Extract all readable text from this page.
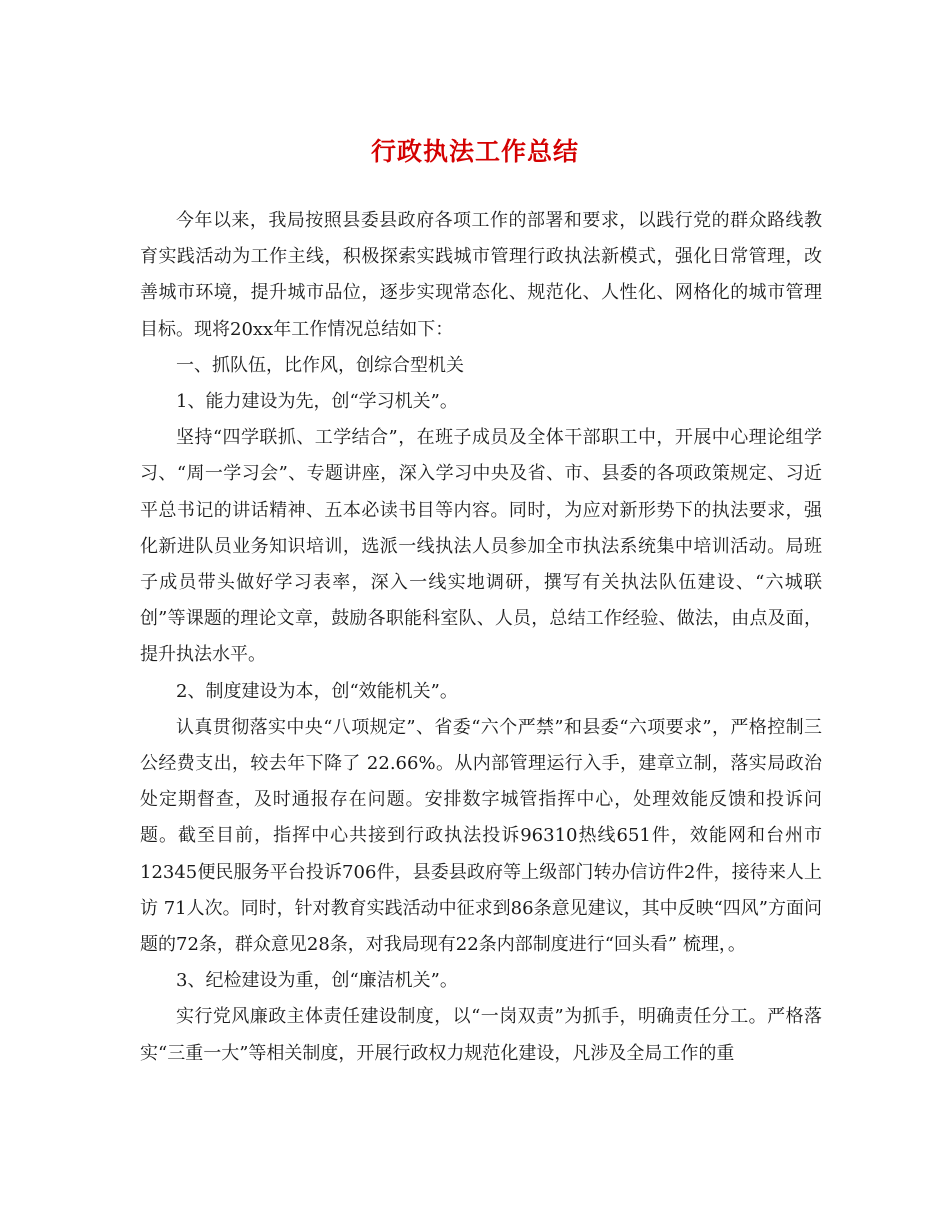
行政执法工作总结

今年以来，我局按照县委县政府各项工作的部署和要求，以践行党的群众路线教育实践活动为工作主线，积极探索实践城市管理行政执法新模式，强化日常管理，改善城市环境，提升城市品位，逐步实现常态化、规范化、人性化、网格化的城市管理目标。现将20xx年工作情况总结如下：

一、抓队伍，比作风，创综合型机关

1、能力建设为先，创“学习机关”。

坚持“四学联抓、工学结合”，在班子成员及全体干部职工中，开展中心理论组学习、“周一学习会”、专题讲座，深入学习中央及省、市、县委的各项政策规定、习近平总书记的讲话精神、五本必读书目等内容。同时，为应对新形势下的执法要求，强化新进队员业务知识培训，选派一线执法人员参加全市执法系统集中培训活动。局班子成员带头做好学习表率，深入一线实地调研，撰写有关执法队伍建设、“六城联创”等课题的理论文章，鼓励各职能科室队、人员，总结工作经验、做法，由点及面，提升执法水平。

2、制度建设为本，创“效能机关”。

认真贯彻落实中央“八项规定”、省委“六个严禁”和县委“六项要求”，严格控制三公经费支出，较去年下降了 22.66%。从内部管理运行入手，建章立制，落实局政治处定期督查，及时通报存在问题。安排数字城管指挥中心，处理效能反馈和投诉问题。截至目前，指挥中心共接到行政执法投诉96310热线651件，效能网和台州市12345便民服务平台投诉706件，县委县政府等上级部门转办信访件2件，接待来人上访 71人次。同时，针对教育实践活动中征求到86条意见建议，其中反映“四风”方面问题的72条，群众意见28条，对我局现有22条内部制度进行“回头看” 梳理，。

3、纪检建设为重，创“廉洁机关”。

实行党风廉政主体责任建设制度，以“一岗双责”为抓手，明确责任分工。严格落实“三重一大”等相关制度，开展行政权力规范化建设，凡涉及全局工作的重
